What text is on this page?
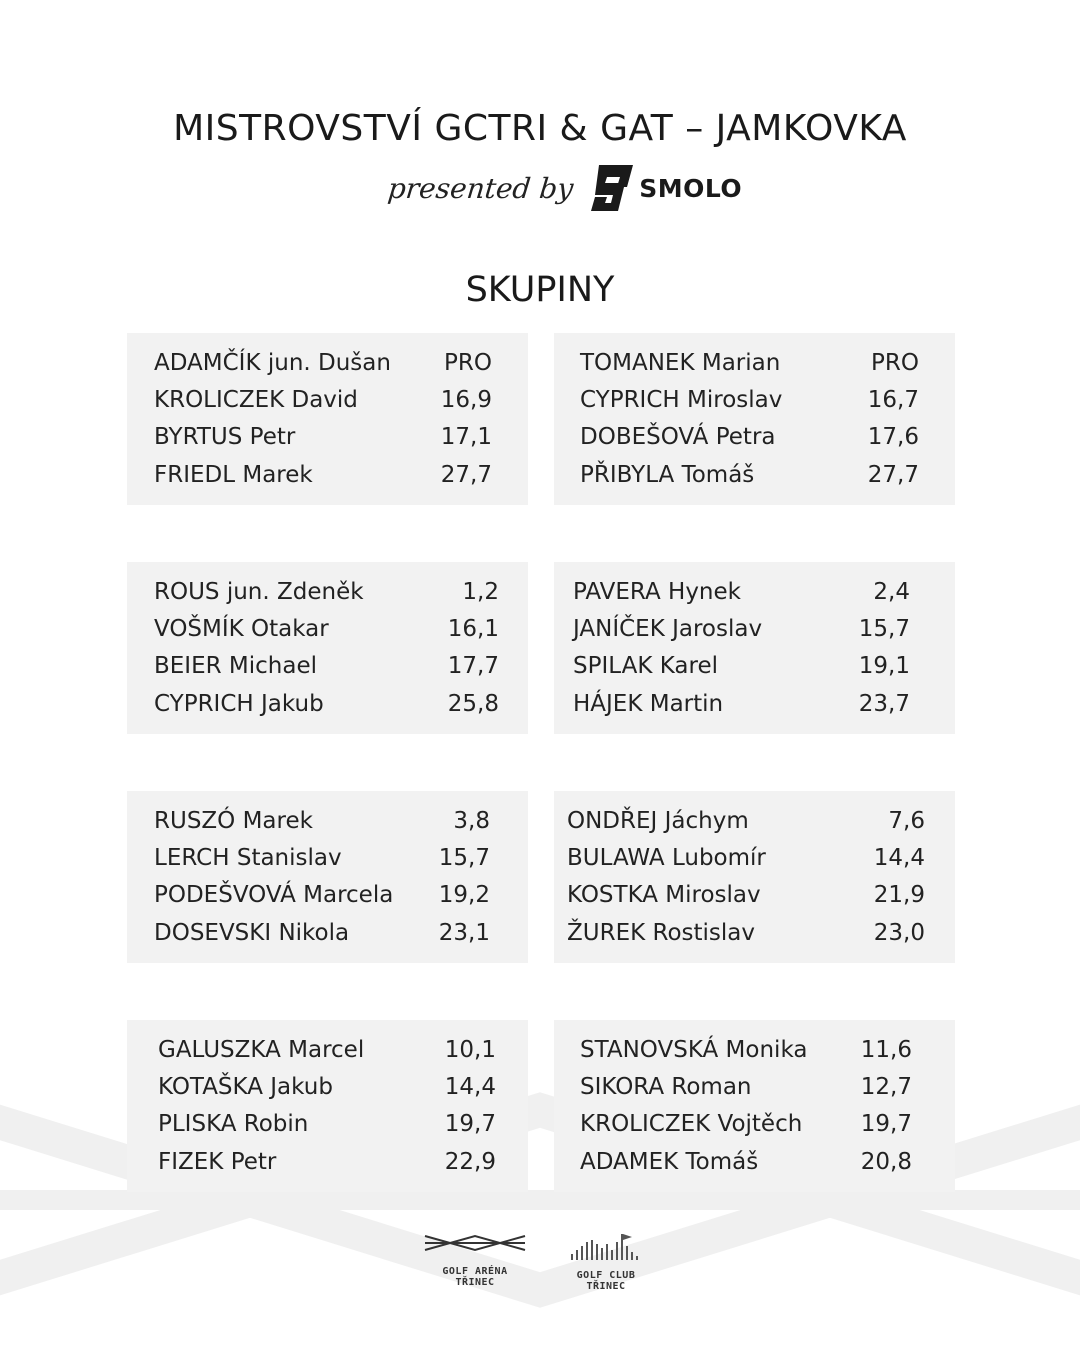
MISTROVSTVÍ GCTRI & GAT – JAMKOVKA
presented by	SMOLO
SKUPINY
ADAMČÍK jun. Dušan PRO
KROLICZEK David	16,9
BYRTUS Petr	17,1
FRIEDL Marek	27,7
TOMANEK Marian	PRO
CYPRICH Miroslav	16,7
DOBEŠOVÁ Petra	17,6
PŘIBYLA Tomáš	27,7
ROUS jun. Zdeněk	1,2
VOŠMÍK Otakar	16,1
BEIER Michael	17,7
CYPRICH Jakub	25,8
PAVERA Hynek	2,4
JANÍČEK Jaroslav	15,7
SPILAK Karel	19,1
HÁJEK Martin	23,7
RUSZÓ Marek	3,8
LERCH Stanislav	15,7
PODEŠVOVÁ Marcela 19,2
DOSEVSKI Nikola	23,1
ONDŘEJ Jáchym	7,6
BULAWA Lubomír	14,4
KOSTKA Miroslav	21,9
ŽUREK Rostislav	23,0
GALUSZKA Marcel	10,1
KOTAŠKA Jakub	14,4
PLISKA Robin	19,7
FIZEK Petr	22,9
STANOVSKÁ Monika 11,6
SIKORA Roman	12,7
KROLICZEK Vojtěch	19,7
ADAMEK Tomáš	20,8
GOLF ARÉNA TŘINEC
GOLF CLUB TŘINEC
